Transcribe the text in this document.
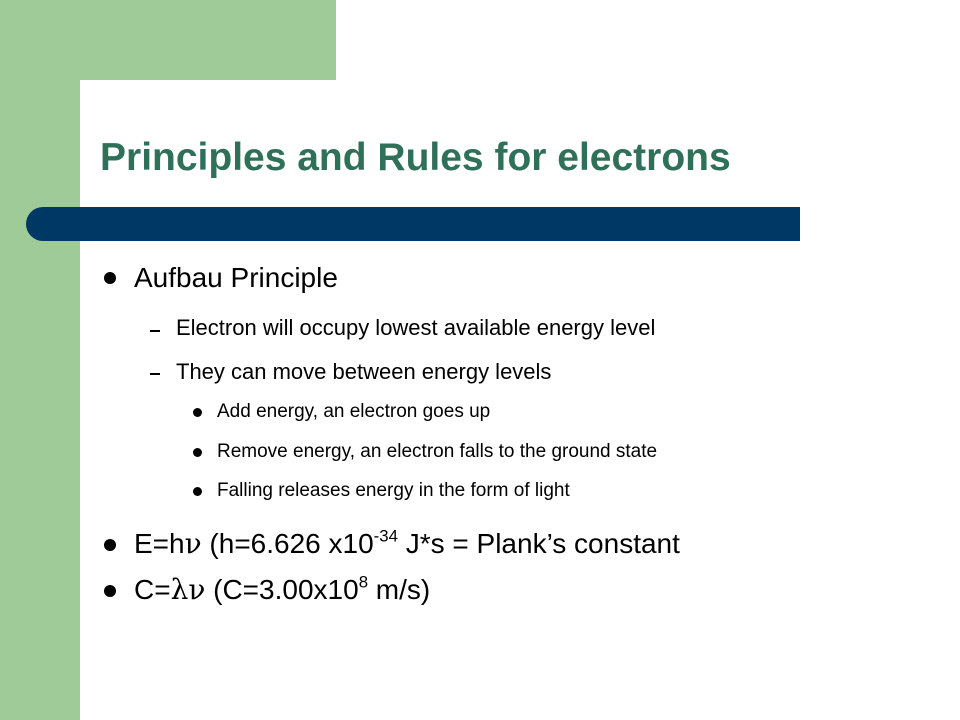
Principles and Rules for electrons

Aufbau Principle

Electron will occupy lowest available energy level

They can move between energy levels

Add energy, an electron goes up

Remove energy, an electron falls to the ground state

Falling releases energy in the form of light

E=hν (h=6.626 $x10^{-34}$ J*s = Plank’s constant

C=λν ($C=3.00x10^8$ m/s)
